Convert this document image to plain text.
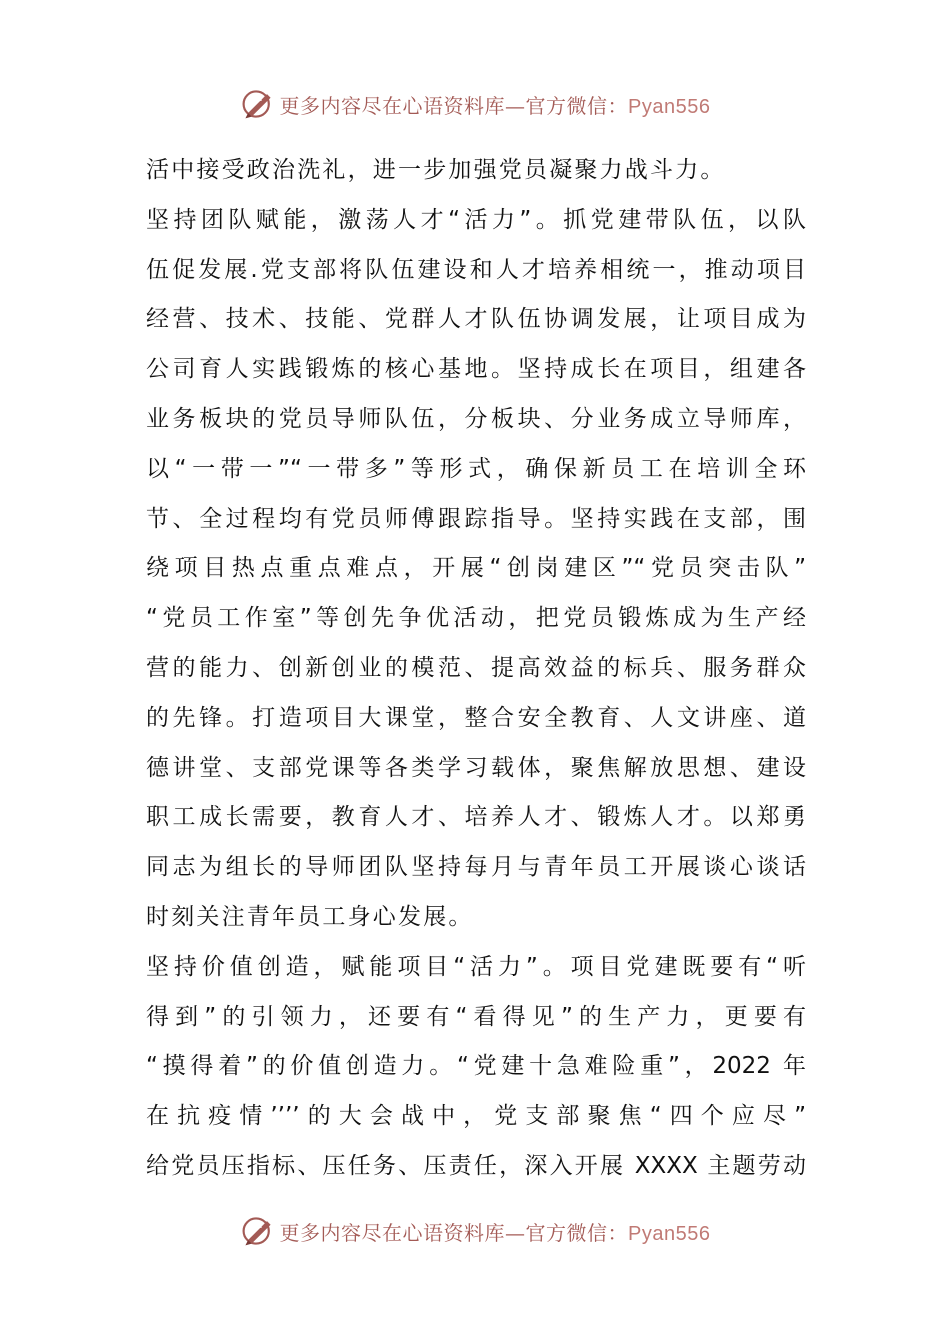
更多内容尽在心语资料库—官方微信：Pyan556
活中接受政治洗礼，进一步加强党员凝聚力战斗力。
坚持团队赋能，激荡人才“活力”。抓党建带队伍，以队
伍促发展.党支部将队伍建设和人才培养相统一，推动项目
经营、技术、技能、党群人才队伍协调发展，让项目成为
公司育人实践锻炼的核心基地。坚持成长在项目，组建各
业务板块的党员导师队伍，分板块、分业务成立导师库，
以“一带一”“一带多”等形式，确保新员工在培训全环
节、全过程均有党员师傅跟踪指导。坚持实践在支部，围
绕项目热点重点难点，开展“创岗建区”“党员突击队”
“党员工作室”等创先争优活动，把党员锻炼成为生产经
营的能力、创新创业的模范、提高效益的标兵、服务群众
的先锋。打造项目大课堂，整合安全教育、人文讲座、道
德讲堂、支部党课等各类学习载体，聚焦解放思想、建设
职工成长需要，教育人才、培养人才、锻炼人才。以郑勇
同志为组长的导师团队坚持每月与青年员工开展谈心谈话
时刻关注青年员工身心发展。
坚持价值创造，赋能项目“活力”。项目党建既要有“听
得到”的引领力，还要有“看得见”的生产力，更要有
“摸得着”的价值创造力。“党建十急难险重”，2022 年
在抗疫情’’’’的大会战中，党支部聚焦“四个应尽”
给党员压指标、压任务、压责任，深入开展 XXXX 主题劳动
更多内容尽在心语资料库—官方微信：Pyan556
